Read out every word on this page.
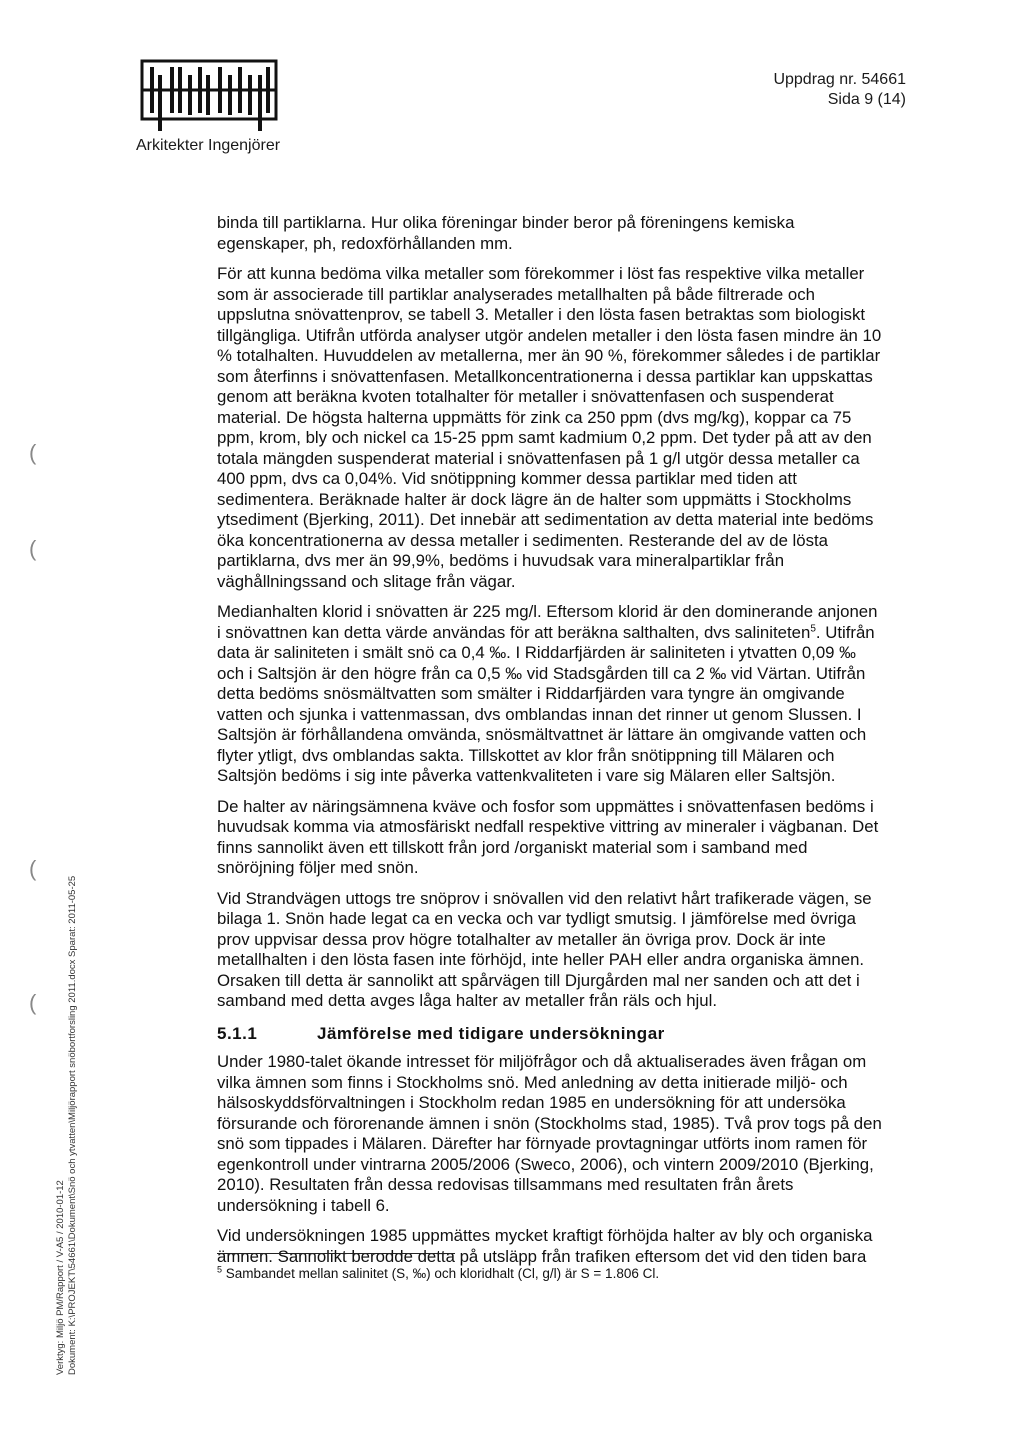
Arkitekter Ingenjörer
Uppdrag nr. 54661
Sida 9 (14)

binda till partiklarna. Hur olika föreningar binder beror på föreningens kemiska egenskaper, ph, redoxförhållanden mm.

För att kunna bedöma vilka metaller som förekommer i löst fas respektive vilka metaller som är associerade till partiklar analyserades metallhalten på både filtrerade och uppslutna snövattenprov, se tabell 3. Metaller i den lösta fasen betraktas som biologiskt tillgängliga. Utifrån utförda analyser utgör andelen metaller i den lösta fasen mindre än 10 % totalhalten. Huvuddelen av metallerna, mer än 90 %, förekommer således i de partiklar som återfinns i snövattenfasen. Metallkoncentrationerna i dessa partiklar kan uppskattas genom att beräkna kvoten totalhalter för metaller i snövattenfasen och suspenderat material. De högsta halterna uppmätts för zink ca 250 ppm (dvs mg/kg), koppar ca 75 ppm, krom, bly och nickel ca 15-25 ppm samt kadmium 0,2 ppm. Det tyder på att av den totala mängden suspenderat material i snövattenfasen på 1 g/l utgör dessa metaller ca 400 ppm, dvs ca 0,04%. Vid snötippning kommer dessa partiklar med tiden att sedimentera. Beräknade halter är dock lägre än de halter som uppmätts i Stockholms ytsediment (Bjerking, 2011). Det innebär att sedimentation av detta material inte bedöms öka koncentrationerna av dessa metaller i sedimenten. Resterande del av de lösta partiklarna, dvs mer än 99,9%, bedöms i huvudsak vara mineralpartiklar från väghållningssand och slitage från vägar.

Medianhalten klorid i snövatten är 225 mg/l. Eftersom klorid är den dominerande anjonen i snövattnen kan detta värde användas för att beräkna salthalten, dvs saliniteten$^5$. Utifrån data är saliniteten i smält snö ca 0,4 ‰. I Riddarfjärden är saliniteten i ytvatten 0,09 ‰ och i Saltsjön är den högre från ca 0,5 ‰ vid Stadsgården till ca 2 ‰ vid Värtan. Utifrån detta bedöms snösmältvatten som smälter i Riddarfjärden vara tyngre än omgivande vatten och sjunka i vattenmassan, dvs omblandas innan det rinner ut genom Slussen. I Saltsjön är förhållandena omvända, snösmältvattnet är lättare än omgivande vatten och flyter ytligt, dvs omblandas sakta. Tillskottet av klor från snötippning till Mälaren och Saltsjön bedöms i sig inte påverka vattenkvaliteten i vare sig Mälaren eller Saltsjön.

De halter av näringsämnena kväve och fosfor som uppmättes i snövattenfasen bedöms i huvudsak komma via atmosfäriskt nedfall respektive vittring av mineraler i vägbanan. Det finns sannolikt även ett tillskott från jord /organiskt material som i samband med snöröjning följer med snön.

Vid Strandvägen uttogs tre snöprov i snövallen vid den relativt hårt trafikerade vägen, se bilaga 1. Snön hade legat ca en vecka och var tydligt smutsig. I jämförelse med övriga prov uppvisar dessa prov högre totalhalter av metaller än övriga prov. Dock är inte metallhalten i den lösta fasen inte förhöjd, inte heller PAH eller andra organiska ämnen. Orsaken till detta är sannolikt att spårvägen till Djurgården mal ner sanden och att det i samband med detta avges låga halter av metaller från räls och hjul.

5.1.1	Jämförelse med tidigare undersökningar

Under 1980-talet ökande intresset för miljöfrågor och då aktualiserades även frågan om vilka ämnen som finns i Stockholms snö. Med anledning av detta initierade miljö- och hälsoskyddsförvaltningen i Stockholm redan 1985 en undersökning för att undersöka försurande och förorenande ämnen i snön (Stockholms stad, 1985). Två prov togs på den snö som tippades i Mälaren. Därefter har förnyade provtagningar utförts inom ramen för egenkontroll under vintrarna 2005/2006 (Sweco, 2006), och vintern 2009/2010 (Bjerking, 2010). Resultaten från dessa redovisas tillsammans med resultaten från årets undersökning i tabell 6.

Vid undersökningen 1985 uppmättes mycket kraftigt förhöjda halter av bly och organiska ämnen. Sannolikt berodde detta på utsläpp från trafiken eftersom det vid den tiden bara

$^5$ Sambandet mellan salinitet (S, ‰) och kloridhalt (Cl, g/l) är S = 1.806 Cl.
Verktyg: Miljö PM/Rapport / V-A5 / 2010-01-12 Dokument: K:\PROJEKT\54661\Dokument\Snö och ytvatten\Miljörapport snöbortforsling 2011.docx Sparat: 2011-05-25
(
(
(
(
